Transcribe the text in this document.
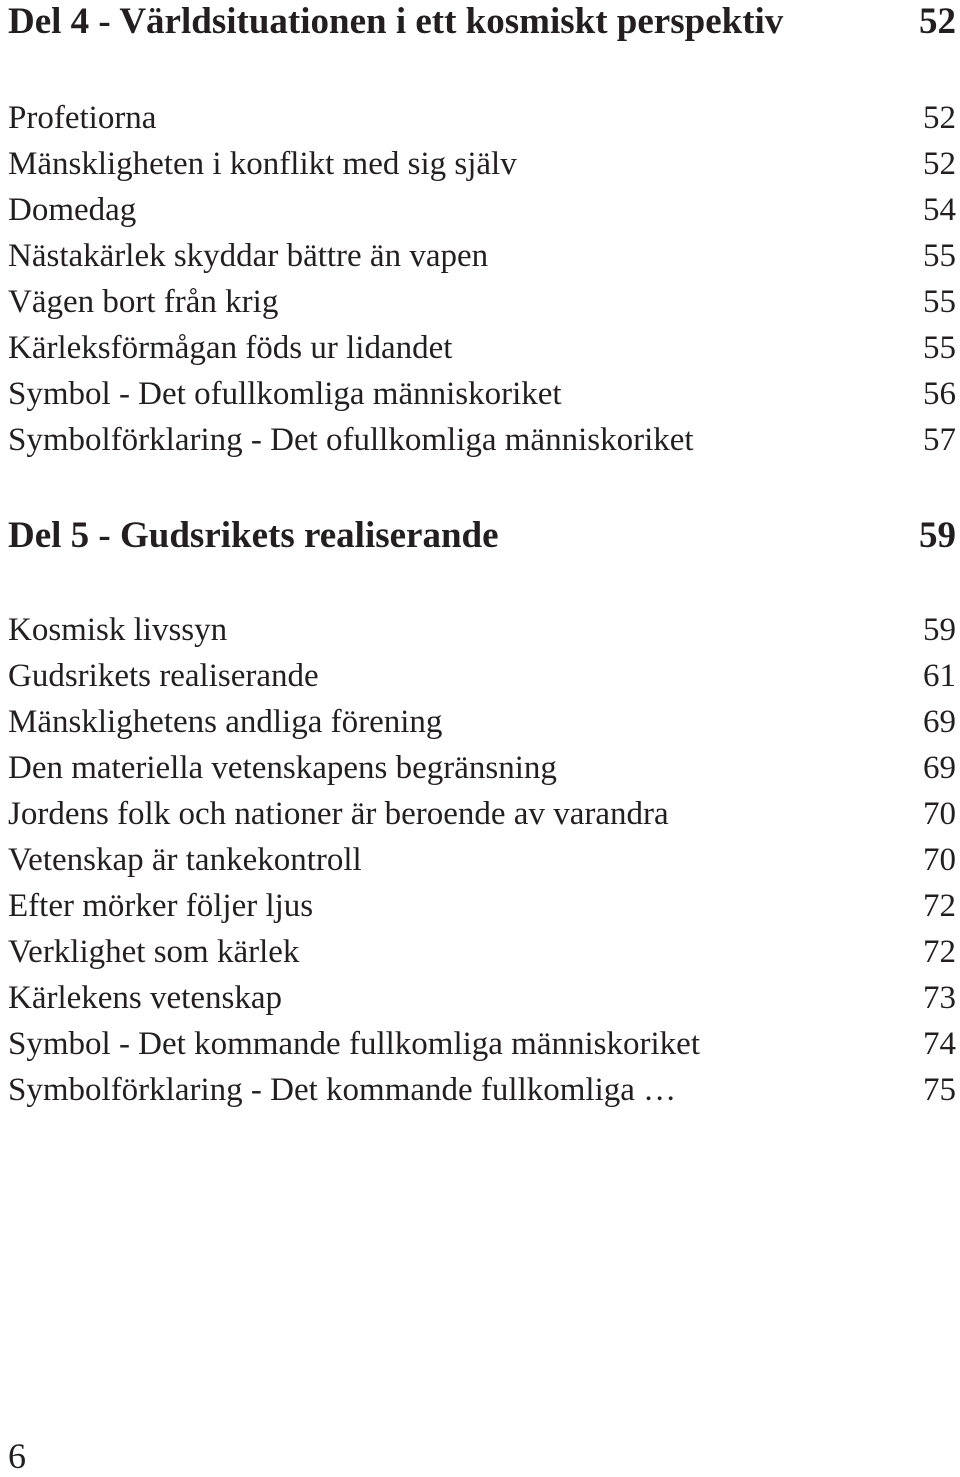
Del 4 - Världsituationen i ett kosmiskt perspektiv	52
Profetiorna	52
Mänskligheten i konflikt med sig själv	52
Domedag	54
Nästakärlek skyddar bättre än vapen	55
Vägen bort från krig	55
Kärleksförmågan föds ur lidandet	55
Symbol - Det ofullkomliga människoriket	56
Symbolförklaring - Det ofullkomliga människoriket	57
Del 5 - Gudsrikets realiserande	59
Kosmisk livssyn	59
Gudsrikets realiserande	61
Mänsklighetens andliga förening	69
Den materiella vetenskapens begränsning	69
Jordens folk och nationer är beroende av varandra	70
Vetenskap är tankekontroll	70
Efter mörker följer ljus	72
Verklighet som kärlek	72
Kärlekens vetenskap	73
Symbol - Det kommande fullkomliga människoriket	74
Symbolförklaring - Det kommande fullkomliga …	75
6
